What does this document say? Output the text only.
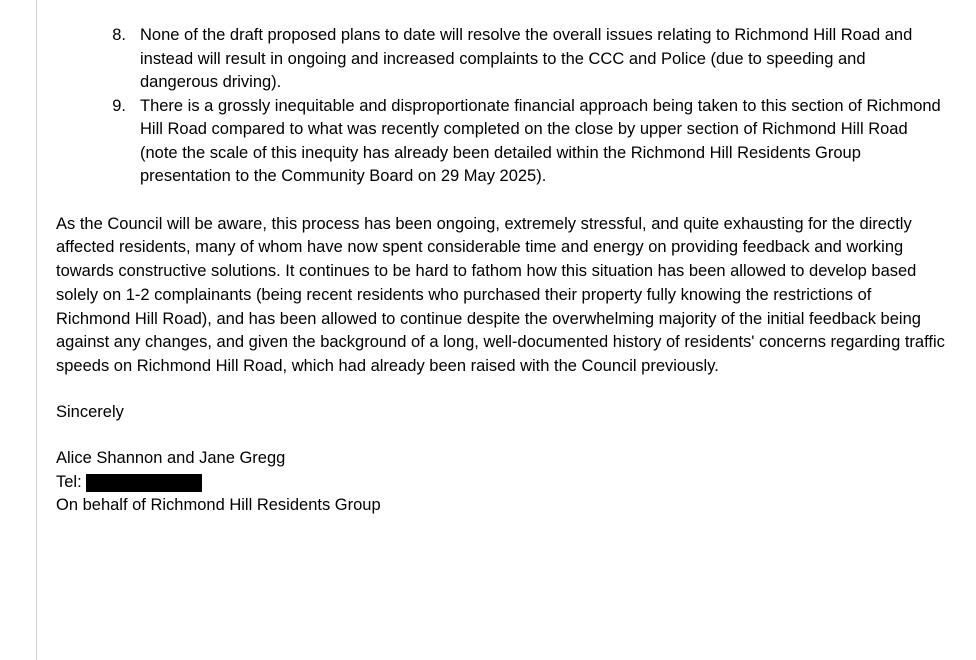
8. None of the draft proposed plans to date will resolve the overall issues relating to Richmond Hill Road and instead will result in ongoing and increased complaints to the CCC and Police (due to speeding and dangerous driving).
9. There is a grossly inequitable and disproportionate financial approach being taken to this section of Richmond Hill Road compared to what was recently completed on the close by upper section of Richmond Hill Road (note the scale of this inequity has already been detailed within the Richmond Hill Residents Group presentation to the Community Board on 29 May 2025).

As the Council will be aware, this process has been ongoing, extremely stressful, and quite exhausting for the directly affected residents, many of whom have now spent considerable time and energy on providing feedback and working towards constructive solutions. It continues to be hard to fathom how this situation has been allowed to develop based solely on 1-2 complainants (being recent residents who purchased their property fully knowing the restrictions of Richmond Hill Road), and has been allowed to continue despite the overwhelming majority of the initial feedback being against any changes, and given the background of a long, well-documented history of residents' concerns regarding traffic speeds on Richmond Hill Road, which had already been raised with the Council previously.

Sincerely
Alice Shannon and Jane Gregg
Tel:
On behalf of Richmond Hill Residents Group
